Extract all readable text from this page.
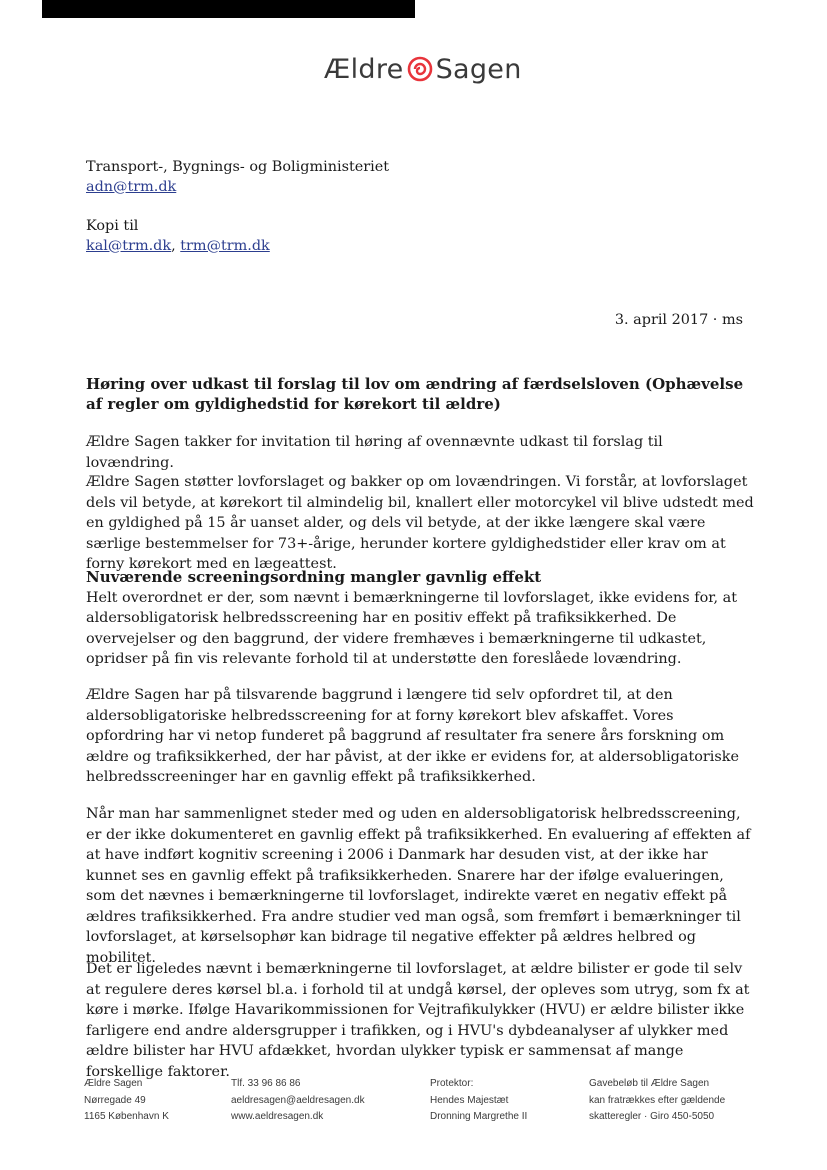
Ældre Sagen
Transport-, Bygnings- og Boligministeriet
adn@trm.dk
Kopi til
kal@trm.dk, trm@trm.dk
3. april 2017 · ms
Høring over udkast til forslag til lov om ændring af færdselsloven (Ophævelse af regler om gyldighedstid for kørekort til ældre)
Ældre Sagen takker for invitation til høring af ovennævnte udkast til forslag til lovændring.
Ældre Sagen støtter lovforslaget og bakker op om lovændringen. Vi forstår, at lovforslaget dels vil betyde, at kørekort til almindelig bil, knallert eller motorcykel vil blive udstedt med en gyldighed på 15 år uanset alder, og dels vil betyde, at der ikke længere skal være særlige bestemmelser for 73+-årige, herunder kortere gyldighedstider eller krav om at forny kørekort med en lægeattest.
Nuværende screeningsordning mangler gavnlig effekt
Helt overordnet er der, som nævnt i bemærkningerne til lovforslaget, ikke evidens for, at aldersobligatorisk helbredsscreening har en positiv effekt på trafiksikkerhed. De overvejelser og den baggrund, der videre fremhæves i bemærkningerne til udkastet, opridser på fin vis relevante forhold til at understøtte den foreslåede lovændring.
Ældre Sagen har på tilsvarende baggrund i længere tid selv opfordret til, at den aldersobligatoriske helbredsscreening for at forny kørekort blev afskaffet. Vores opfordring har vi netop funderet på baggrund af resultater fra senere års forskning om ældre og trafiksikkerhed, der har påvist, at der ikke er evidens for, at aldersobligatoriske helbredsscreeninger har en gavnlig effekt på trafiksikkerhed.
Når man har sammenlignet steder med og uden en aldersobligatorisk helbredsscreening, er der ikke dokumenteret en gavnlig effekt på trafiksikkerhed. En evaluering af effekten af at have indført kognitiv screening i 2006 i Danmark har desuden vist, at der ikke har kunnet ses en gavnlig effekt på trafiksikkerheden. Snarere har der ifølge evalueringen, som det nævnes i bemærkningerne til lovforslaget, indirekte været en negativ effekt på ældres trafiksikkerhed. Fra andre studier ved man også, som fremført i bemærkninger til lovforslaget, at kørselsophør kan bidrage til negative effekter på ældres helbred og mobilitet.
Det er ligeledes nævnt i bemærkningerne til lovforslaget, at ældre bilister er gode til selv at regulere deres kørsel bl.a. i forhold til at undgå kørsel, der opleves som utryg, som fx at køre i mørke. Ifølge Havarikommissionen for Vejtrafikulykker (HVU) er ældre bilister ikke farligere end andre aldersgrupper i trafikken, og i HVU's dybdeanalyser af ulykker med ældre bilister har HVU afdækket, hvordan ulykker typisk er sammensat af mange forskellige faktorer.
Ældre Sagen
Nørregade 49
1165 København K
Tlf. 33 96 86 86
aeldresagen@aeldresagen.dk
www.aeldresagen.dk
Protektor:
Hendes Majestæt
Dronning Margrethe II
Gavebeløb til Ældre Sagen
kan fratrækkes efter gældende
skatteregler · Giro 450-5050
